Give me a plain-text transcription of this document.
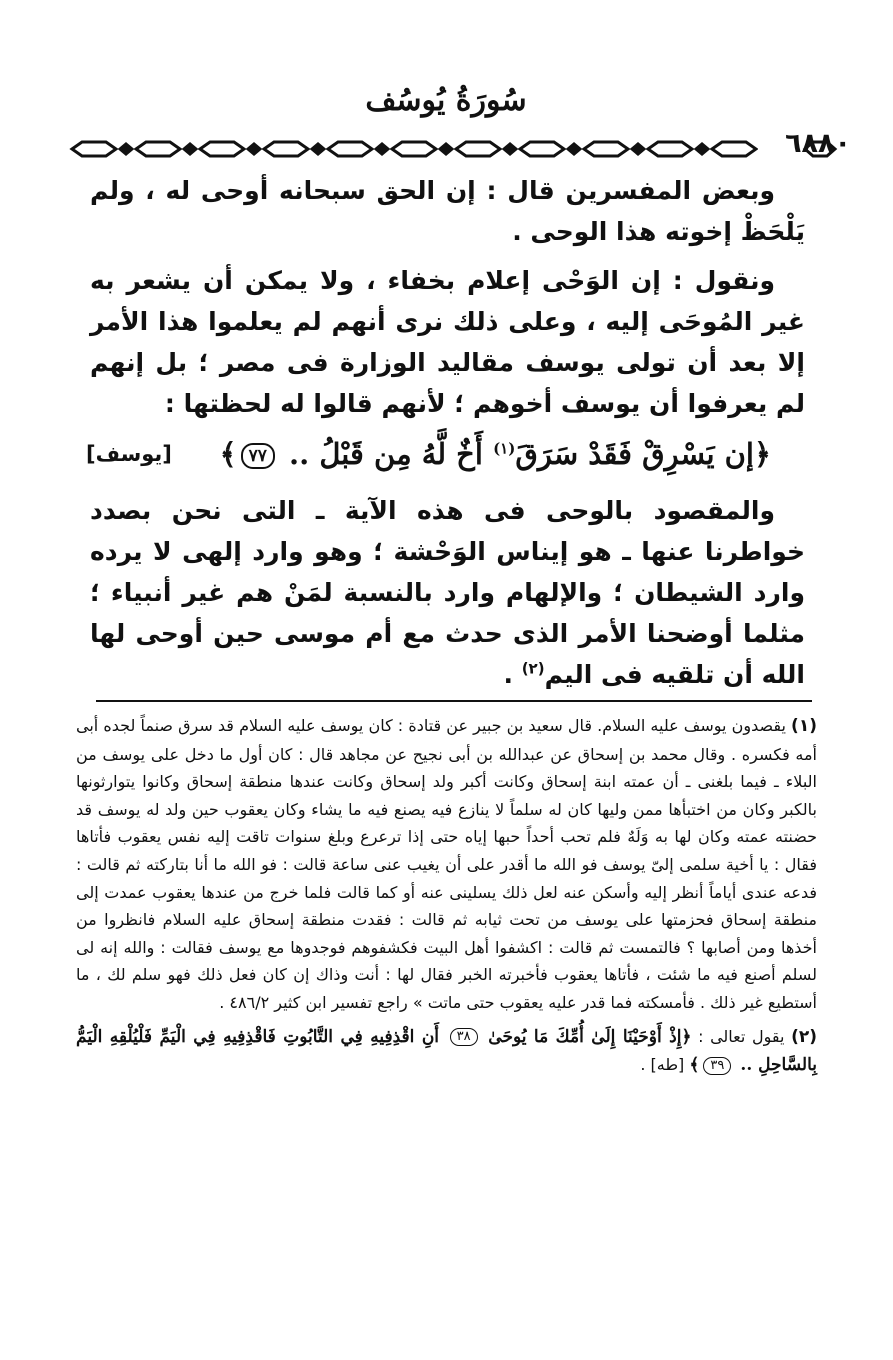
سُورَةُ يُوسُف
٦٨٨٠

وبعض المفسرين قال : إن الحق سبحانه أوحى له ، ولم يَلْحَظْ إخوته هذا الوحى .

ونقول : إن الوَحْى إعلام بخفاء ، ولا يمكن أن يشعر به غير المُوحَى إليه ، وعلى ذلك نرى أنهم لم يعلموا هذا الأمر إلا بعد أن تولى يوسف مقاليد الوزارة فى مصر ؛ بل إنهم لم يعرفوا أن يوسف أخوهم ؛ لأنهم قالوا له لحظتها :

﴿إن يَسْرِقْ فَقَدْ سَرَقَ$^{(١)}$ أَخٌ لَّهُ مِن قَبْلُ .. ٧٧﴾
[يوسف]

والمقصود بالوحى فى هذه الآية ـ التى نحن بصدد خواطرنا عنها ـ هو إيناس الوَحْشة ؛ وهو وارد إلهى لا يرده وارد الشيطان ؛ والإلهام وارد بالنسبة لمَنْ هم غير أنبياء ؛ مثلما أوضحنا الأمر الذى حدث مع أم موسى حين أوحى لها الله أن تلقيه فى اليم$^{(٢)}$ .

(١) يقصدون يوسف عليه السلام. قال سعيد بن جبير عن قتادة : كان يوسف عليه السلام قد سرق صنماً لجده أبى أمه فكسره . وقال محمد بن إسحاق عن عبدالله بن أبى نجيح عن مجاهد قال : كان أول ما دخل على يوسف من البلاء ـ فيما بلغنى ـ أن عمته ابنة إسحاق وكانت أكبر ولد إسحاق وكانت عندها منطقة إسحاق وكانوا يتوارثونها بالكبر وكان من اختبأها ممن وليها كان له سلماً لا ينازع فيه يصنع فيه ما يشاء وكان يعقوب حين ولد له يوسف قد حضنته عمته وكان لها به وَلَهٌ فلم تحب أحداً حبها إياه حتى إذا ترعرع وبلغ سنوات تاقت إليه نفس يعقوب فأتاها فقال : يا أخية سلمى إلىّ يوسف فو الله ما أقدر على أن يغيب عنى ساعة قالت : فو الله ما أنا بتاركته ثم قالت : فدعه عندى أياماً أنظر إليه وأسكن عنه لعل ذلك يسلينى عنه أو كما قالت فلما خرج من عندها يعقوب عمدت إلى منطقة إسحاق فحزمتها على يوسف من تحت ثيابه ثم قالت : فقدت منطقة إسحاق عليه السلام فانظروا من أخذها ومن أصابها ؟ فالتمست ثم قالت : اكشفوا أهل البيت فكشفوهم فوجدوها مع يوسف فقالت : والله إنه لى لسلم أصنع فيه ما شئت ، فأتاها يعقوب فأخبرته الخبر فقال لها : أنت وذاك إن كان فعل ذلك فهو سلم لك ، ما أستطيع غير ذلك . فأمسكته فما قدر عليه يعقوب حتى ماتت » راجع تفسير ابن كثير ٤٨٦/٢ .

(٢) يقول تعالى : ﴿إِذْ أَوْحَيْنَا إِلَىٰ أُمِّكَ مَا يُوحَىٰ ٣٨ أَنِ اقْذِفِيهِ فِي التَّابُوتِ فَاقْذِفِيهِ فِي الْيَمِّ فَلْيُلْقِهِ الْيَمُّ بِالسَّاحِلِ .. ٣٩﴾ [طه] .
